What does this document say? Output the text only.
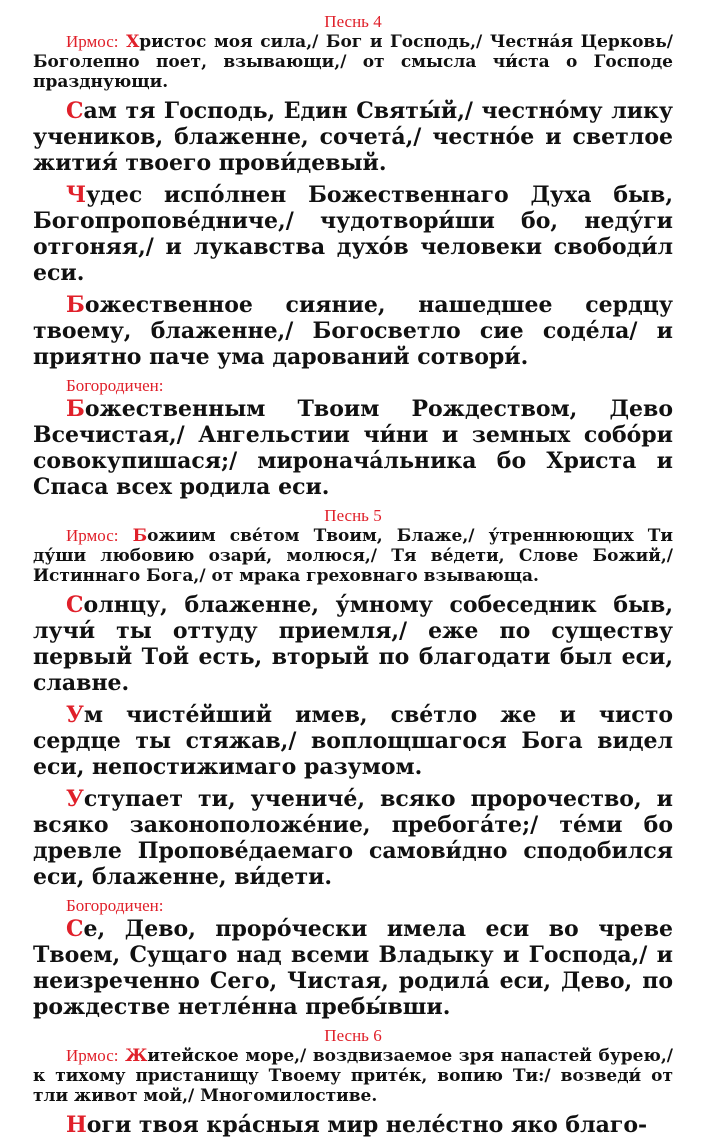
Песнь 4

Ирмос: Христос моя сила,/ Бог и Господь,/ Честна́я Церковь/ Боголепно поет, взывающи,/ от смысла чи́ста о Господе празднующи.

Сам тя Господь, Един Святы́й,/ честно́му лику учеников, блаженне, сочета́,/ честно́е и светлое жития́ твоего прови́девый.

Чудес испо́лнен Божественнаго Духа быв, Богопропове́дниче,/ чудотвори́ши бо, неду́ги отгоняя,/ и лукавства духо́в человеки свободи́л еси.

Божественное сияние, нашедшее сердцу твоему, блаженне,/ Богосветло сие соде́ла/ и приятно паче ума дарований сотвори́.

Богородичен:

Божественным Твоим Рождеством, Дево Всечистая,/ Ангельстии чи́ни и земных собо́ри совокупишася;/ миронача́льника бо Христа и Спаса всех родила еси.

Песнь 5

Ирмос: Божиим све́том Твоим, Блаже,/ у́треннюющих Ти ду́ши любовию озари́, молюся,/ Тя ве́дети, Слове Божий,/ Истиннаго Бога,/ от мрака греховнаго взывающа.

Солнцу, блаженне, у́мному собеседник быв, лучи́ ты оттуду приемля,/ еже по существу первый Той есть, вторый по благодати был еси, славне.

Ум чисте́йший имев, све́тло же и чисто сердце ты стяжав,/ воплощшагося Бога видел еси, непостижимаго разумом.

Уступает ти, учениче́, всяко пророчество, и всяко законоположе́ние, пребога́те;/ те́ми бо древле Пропове́даемаго самови́дно сподобился еси, блаженне, ви́дети.

Богородичен:

Се, Дево, проро́чески имела еси во чреве Твоем, Сущаго над всеми Владыку и Господа,/ и неизреченно Сего, Чистая, родила́ еси, Дево, по рождестве нетле́нна пребы́вши.

Песнь 6

Ирмос: Житейское море,/ воздвизаемое зря напастей бурею,/ к тихому пристанищу Твоему прите́к, вопию Ти:/ возведи́ от тли живот мой,/ Многомилостиве.

Ноги твоя кра́сныя мир неле́стно яко благо-
